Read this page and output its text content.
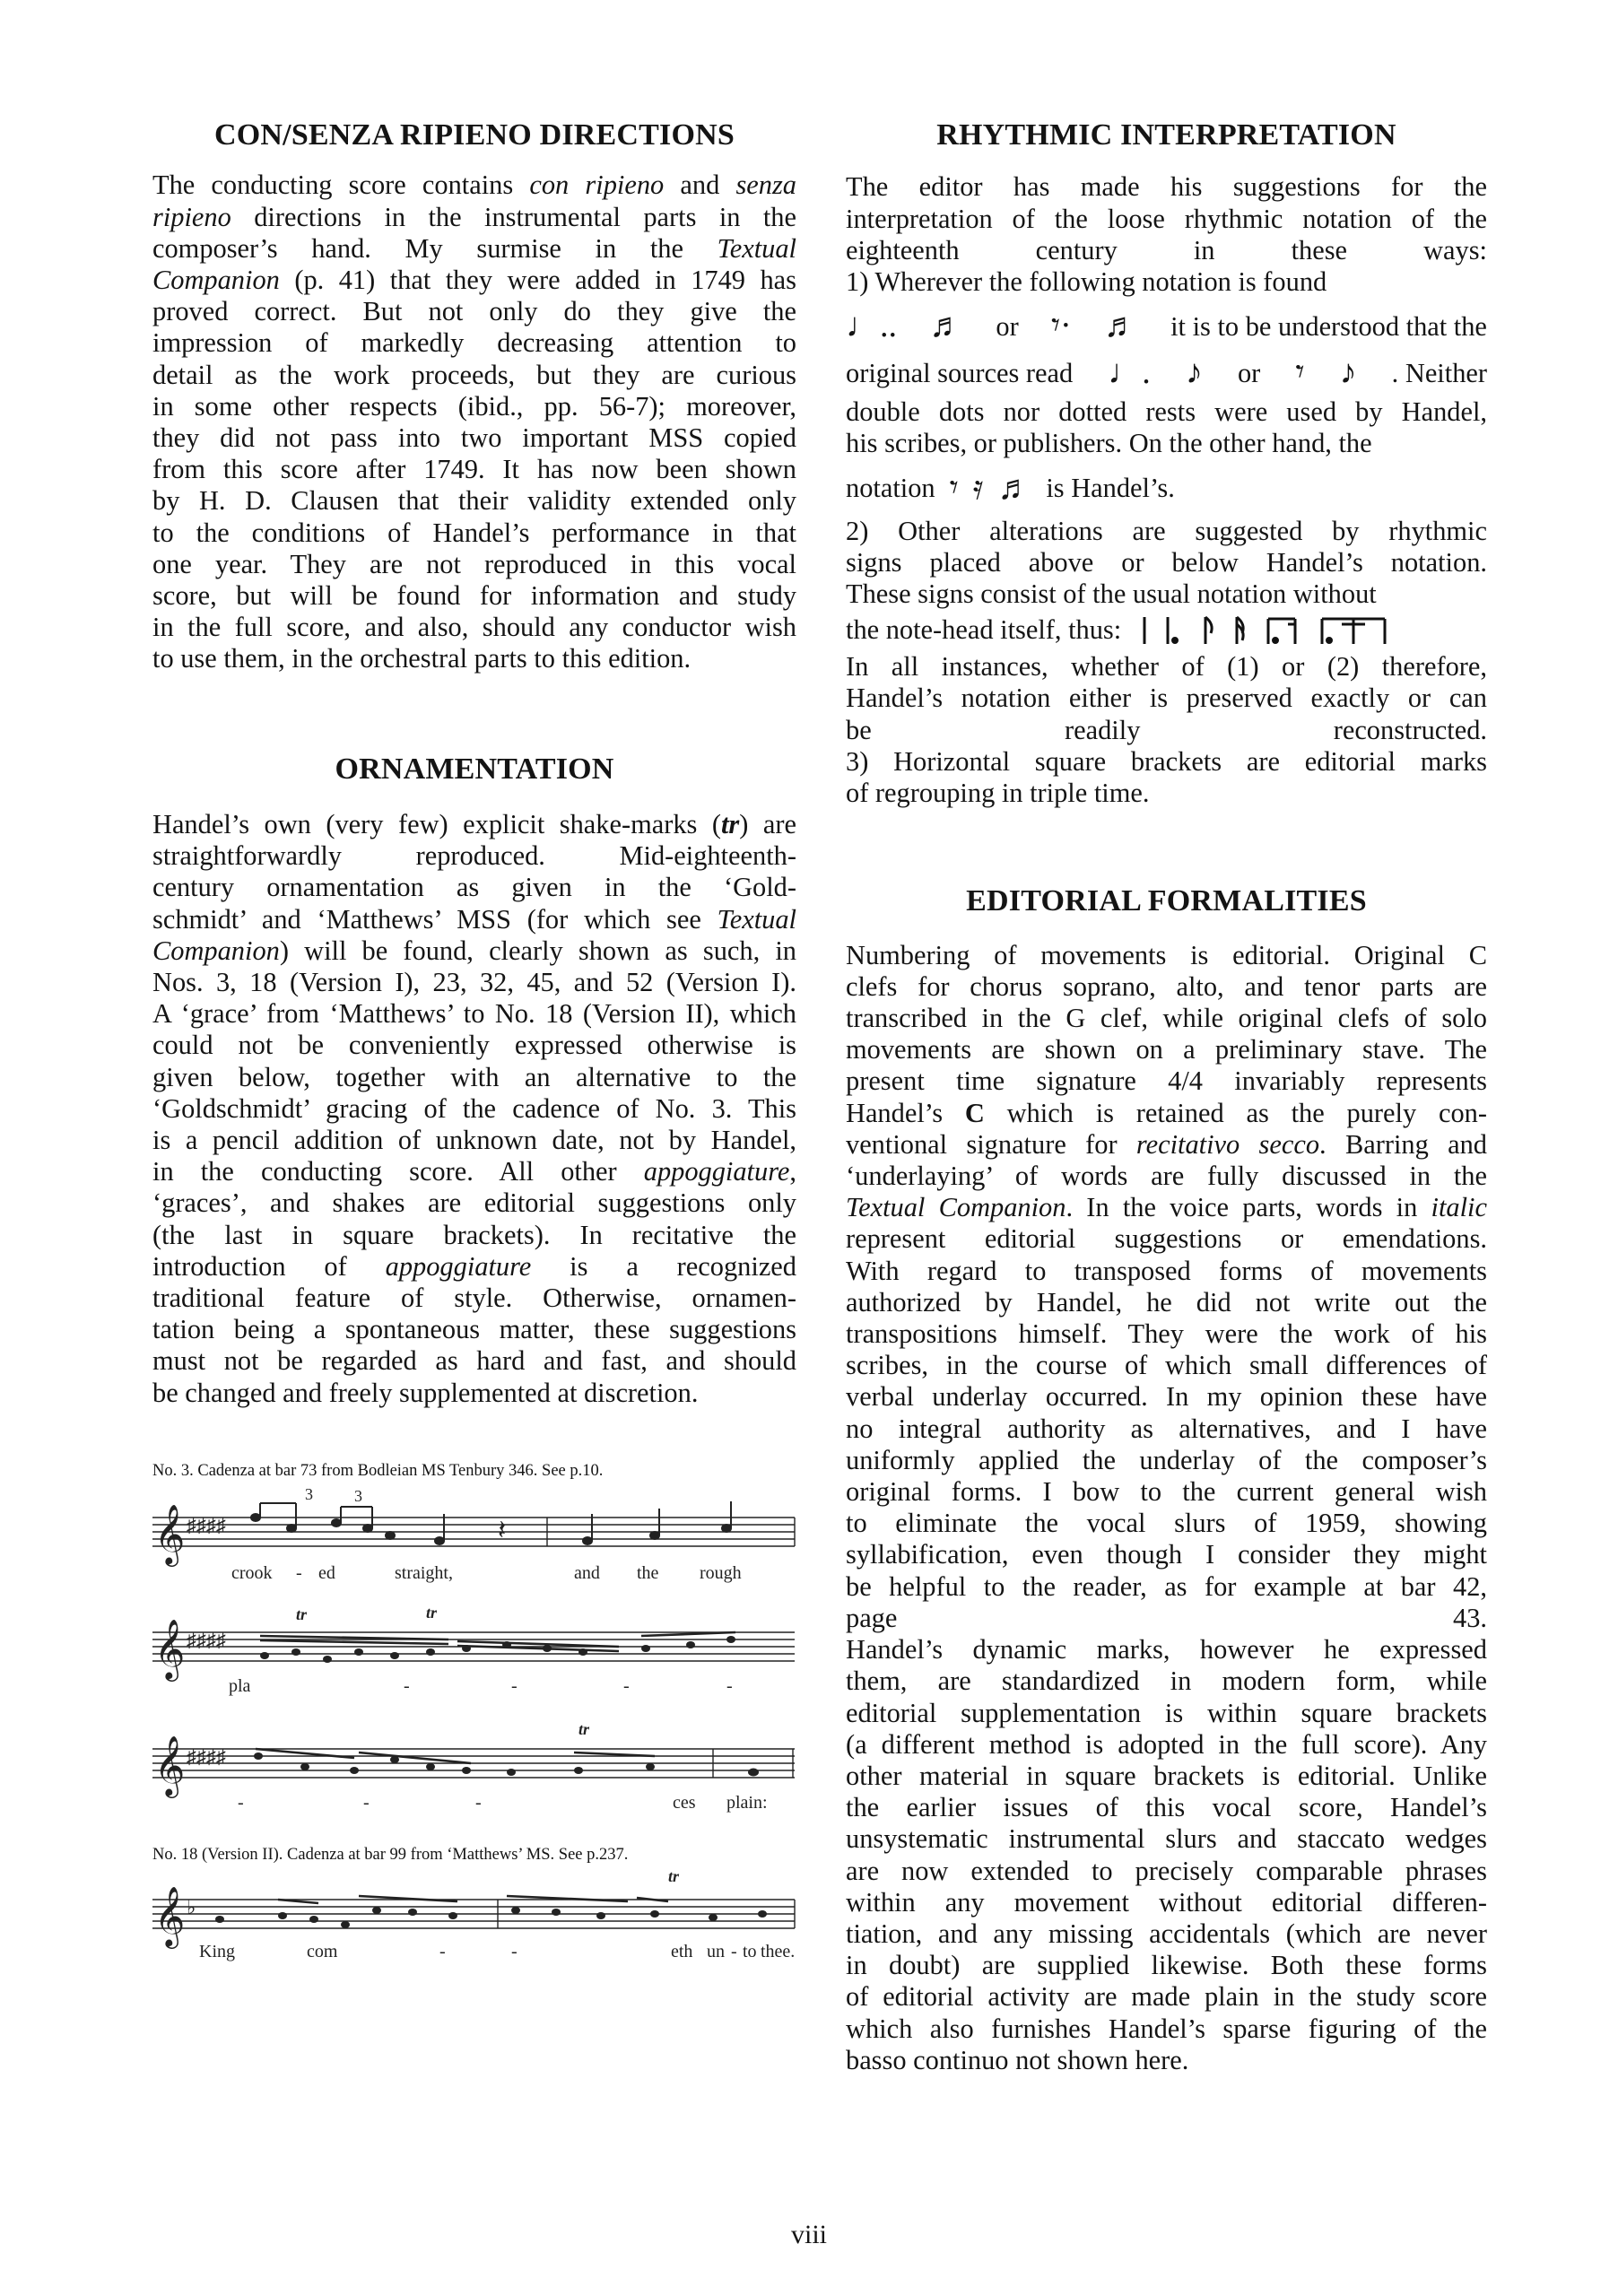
CON/SENZA RIPIENO DIRECTIONS

The conducting score contains con ripieno and senza

ripieno directions in the instrumental parts in the

composer’s hand. My surmise in the Textual

Companion (p. 41) that they were added in 1749 has

proved correct. But not only do they give the

impression of markedly decreasing attention to

detail as the work proceeds, but they are curious

in some other respects (ibid., pp. 56-7); moreover,

they did not pass into two important MSS copied

from this score after 1749. It has now been shown

by H. D. Clausen that their validity extended only

to the conditions of Handel’s performance in that

one year. They are not reproduced in this vocal

score, but will be found for information and study

in the full score, and also, should any conductor wish

to use them, in the orchestral parts to this edition.

ORNAMENTATION

Handel’s own (very few) explicit shake-marks (tr) are

straightforwardly reproduced. Mid-eighteenth-

century ornamentation as given in the ‘Gold-

schmidt’ and ‘Matthews’ MSS (for which see Textual

Companion) will be found, clearly shown as such, in

Nos. 3, 18 (Version I), 23, 32, 45, and 52 (Version I).

A ‘grace’ from ‘Matthews’ to No. 18 (Version II), which

could not be conveniently expressed otherwise is

given below, together with an alternative to the

‘Goldschmidt’ gracing of the cadence of No. 3. This

is a pencil addition of unknown date, not by Handel,

in the conducting score. All other appoggiature,

‘graces’, and shakes are editorial suggestions only

(the last in square brackets). In recitative the

introduction of appoggiature is a recognized

traditional feature of style. Otherwise, ornamen-

tation being a spontaneous matter, these suggestions

must not be regarded as hard and fast, and should

be changed and freely supplemented at discretion.

No. 3. Cadenza at bar 73 from Bodleian MS Tenbury 346. See p.10.

𝄞 ♯♯♯♯
3	3
𝄽
crook - ed	straight,	and the rough
𝄞 ♯♯♯♯
tr	tr
pla	-	-	-	-
𝄞 ♯♯♯♯
tr
-	-	-	ces plain:

No. 18 (Version II). Cadenza at bar 99 from ‘Matthews’ MS. See p.237.

𝄞 ♭
tr
King	com	-	-	eth un - to thee.
RHYTHMIC INTERPRETATION

The editor has made his suggestions for the

interpretation of the loose rhythmic notation of the

eighteenth century in these ways:

1) Wherever the following notation is found

♩.. ♬ or 𝄾· ♬ it is to be understood that the
original sources read ♩. ♪ or 𝄾 ♪ . Neither

double dots nor dotted rests were used by Handel,

his scribes, or publishers. On the other hand, the

notation 𝄾 𝄿 ♬ is Handel’s.

2) Other alterations are suggested by rhythmic

signs placed above or below Handel’s notation.

These signs consist of the usual notation without

the note-head itself, thus:

In all instances, whether of (1) or (2) therefore,

Handel’s notation either is preserved exactly or can

be readily reconstructed.

3) Horizontal square brackets are editorial marks

of regrouping in triple time.

EDITORIAL FORMALITIES

Numbering of movements is editorial. Original C

clefs for chorus soprano, alto, and tenor parts are

transcribed in the G clef, while original clefs of solo

movements are shown on a preliminary stave. The

present time signature 4/4 invariably represents

Handel’s C which is retained as the purely con-

ventional signature for recitativo secco. Barring and

‘underlaying’ of words are fully discussed in the

Textual Companion. In the voice parts, words in italic

represent editorial suggestions or emendations.

With regard to transposed forms of movements

authorized by Handel, he did not write out the

transpositions himself. They were the work of his

scribes, in the course of which small differences of

verbal underlay occurred. In my opinion these have

no integral authority as alternatives, and I have

uniformly applied the underlay of the composer’s

original forms. I bow to the current general wish

to eliminate the vocal slurs of 1959, showing

syllabification, even though I consider they might

be helpful to the reader, as for example at bar 42,

page 43.

Handel’s dynamic marks, however he expressed

them, are standardized in modern form, while

editorial supplementation is within square brackets

(a different method is adopted in the full score). Any

other material in square brackets is editorial. Unlike

the earlier issues of this vocal score, Handel’s

unsystematic instrumental slurs and staccato wedges

are now extended to precisely comparable phrases

within any movement without editorial differen-

tiation, and any missing accidentals (which are never

in doubt) are supplied likewise. Both these forms

of editorial activity are made plain in the study score

which also furnishes Handel’s sparse figuring of the

basso continuo not shown here.

viii
